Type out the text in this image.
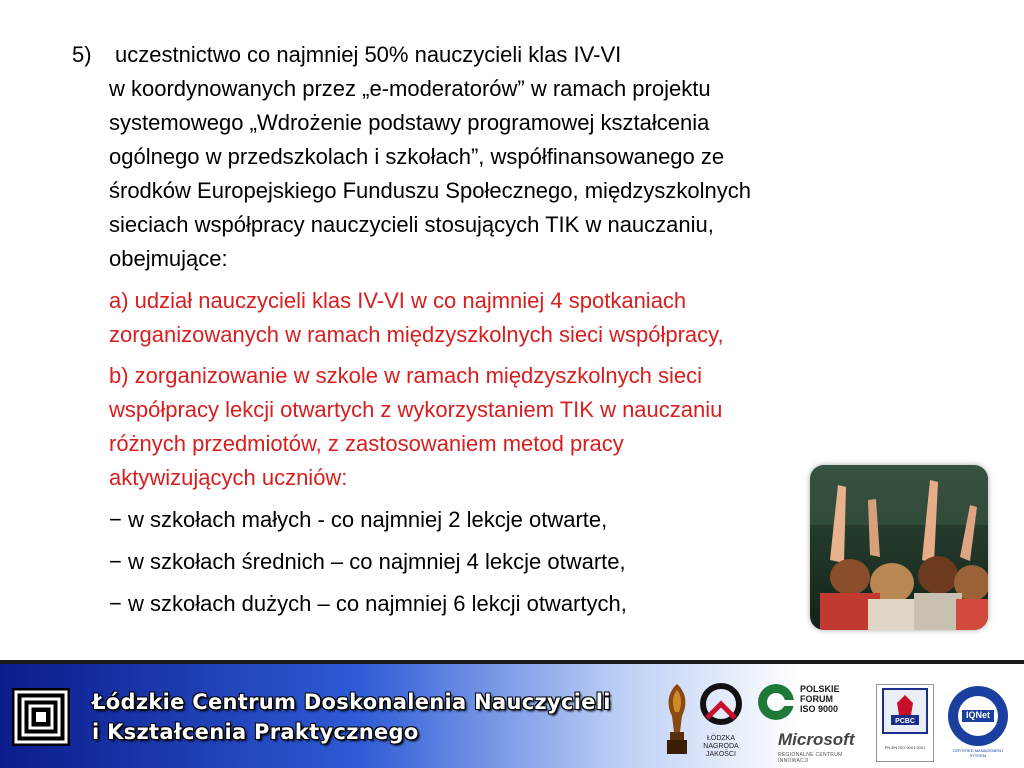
5) uczestnictwo co najmniej 50% nauczycieli klas IV-VI
w koordynowanych przez „e-moderatorów” w ramach projektu
systemowego „Wdrożenie podstawy programowej kształcenia
ogólnego w przedszkolach i szkołach”, współfinansowanego ze
środków Europejskiego Funduszu Społecznego, międzyszkolnych
sieciach współpracy nauczycieli stosujących TIK w nauczaniu,
obejmujące:
a) udział nauczycieli klas IV-VI w co najmniej 4 spotkaniach
zorganizowanych w ramach międzyszkolnych sieci współpracy,
b) zorganizowanie w szkole w ramach międzyszkolnych sieci
współpracy lekcji otwartych z wykorzystaniem TIK w nauczaniu
różnych przedmiotów, z zastosowaniem metod pracy
aktywizujących uczniów:
− w szkołach małych - co najmniej 2 lekcje otwarte,
− w szkołach średnich – co najmniej 4 lekcje otwarte,
− w szkołach dużych – co najmniej 6 lekcji otwartych,
Łódzkie Centrum Doskonalenia Nauczycieli
i Kształcenia Praktycznego	ŁÓDZKA
NAGRODA
JAKOŚCI
POLSKIE
FORUM
ISO 9000
Microsoft
REGIONALNE CENTRUM INNOWACJI
PCBC
PN-EN ISO 9001:2001
IQNet
CERTIFIED MANAGEMENT SYSTEM
